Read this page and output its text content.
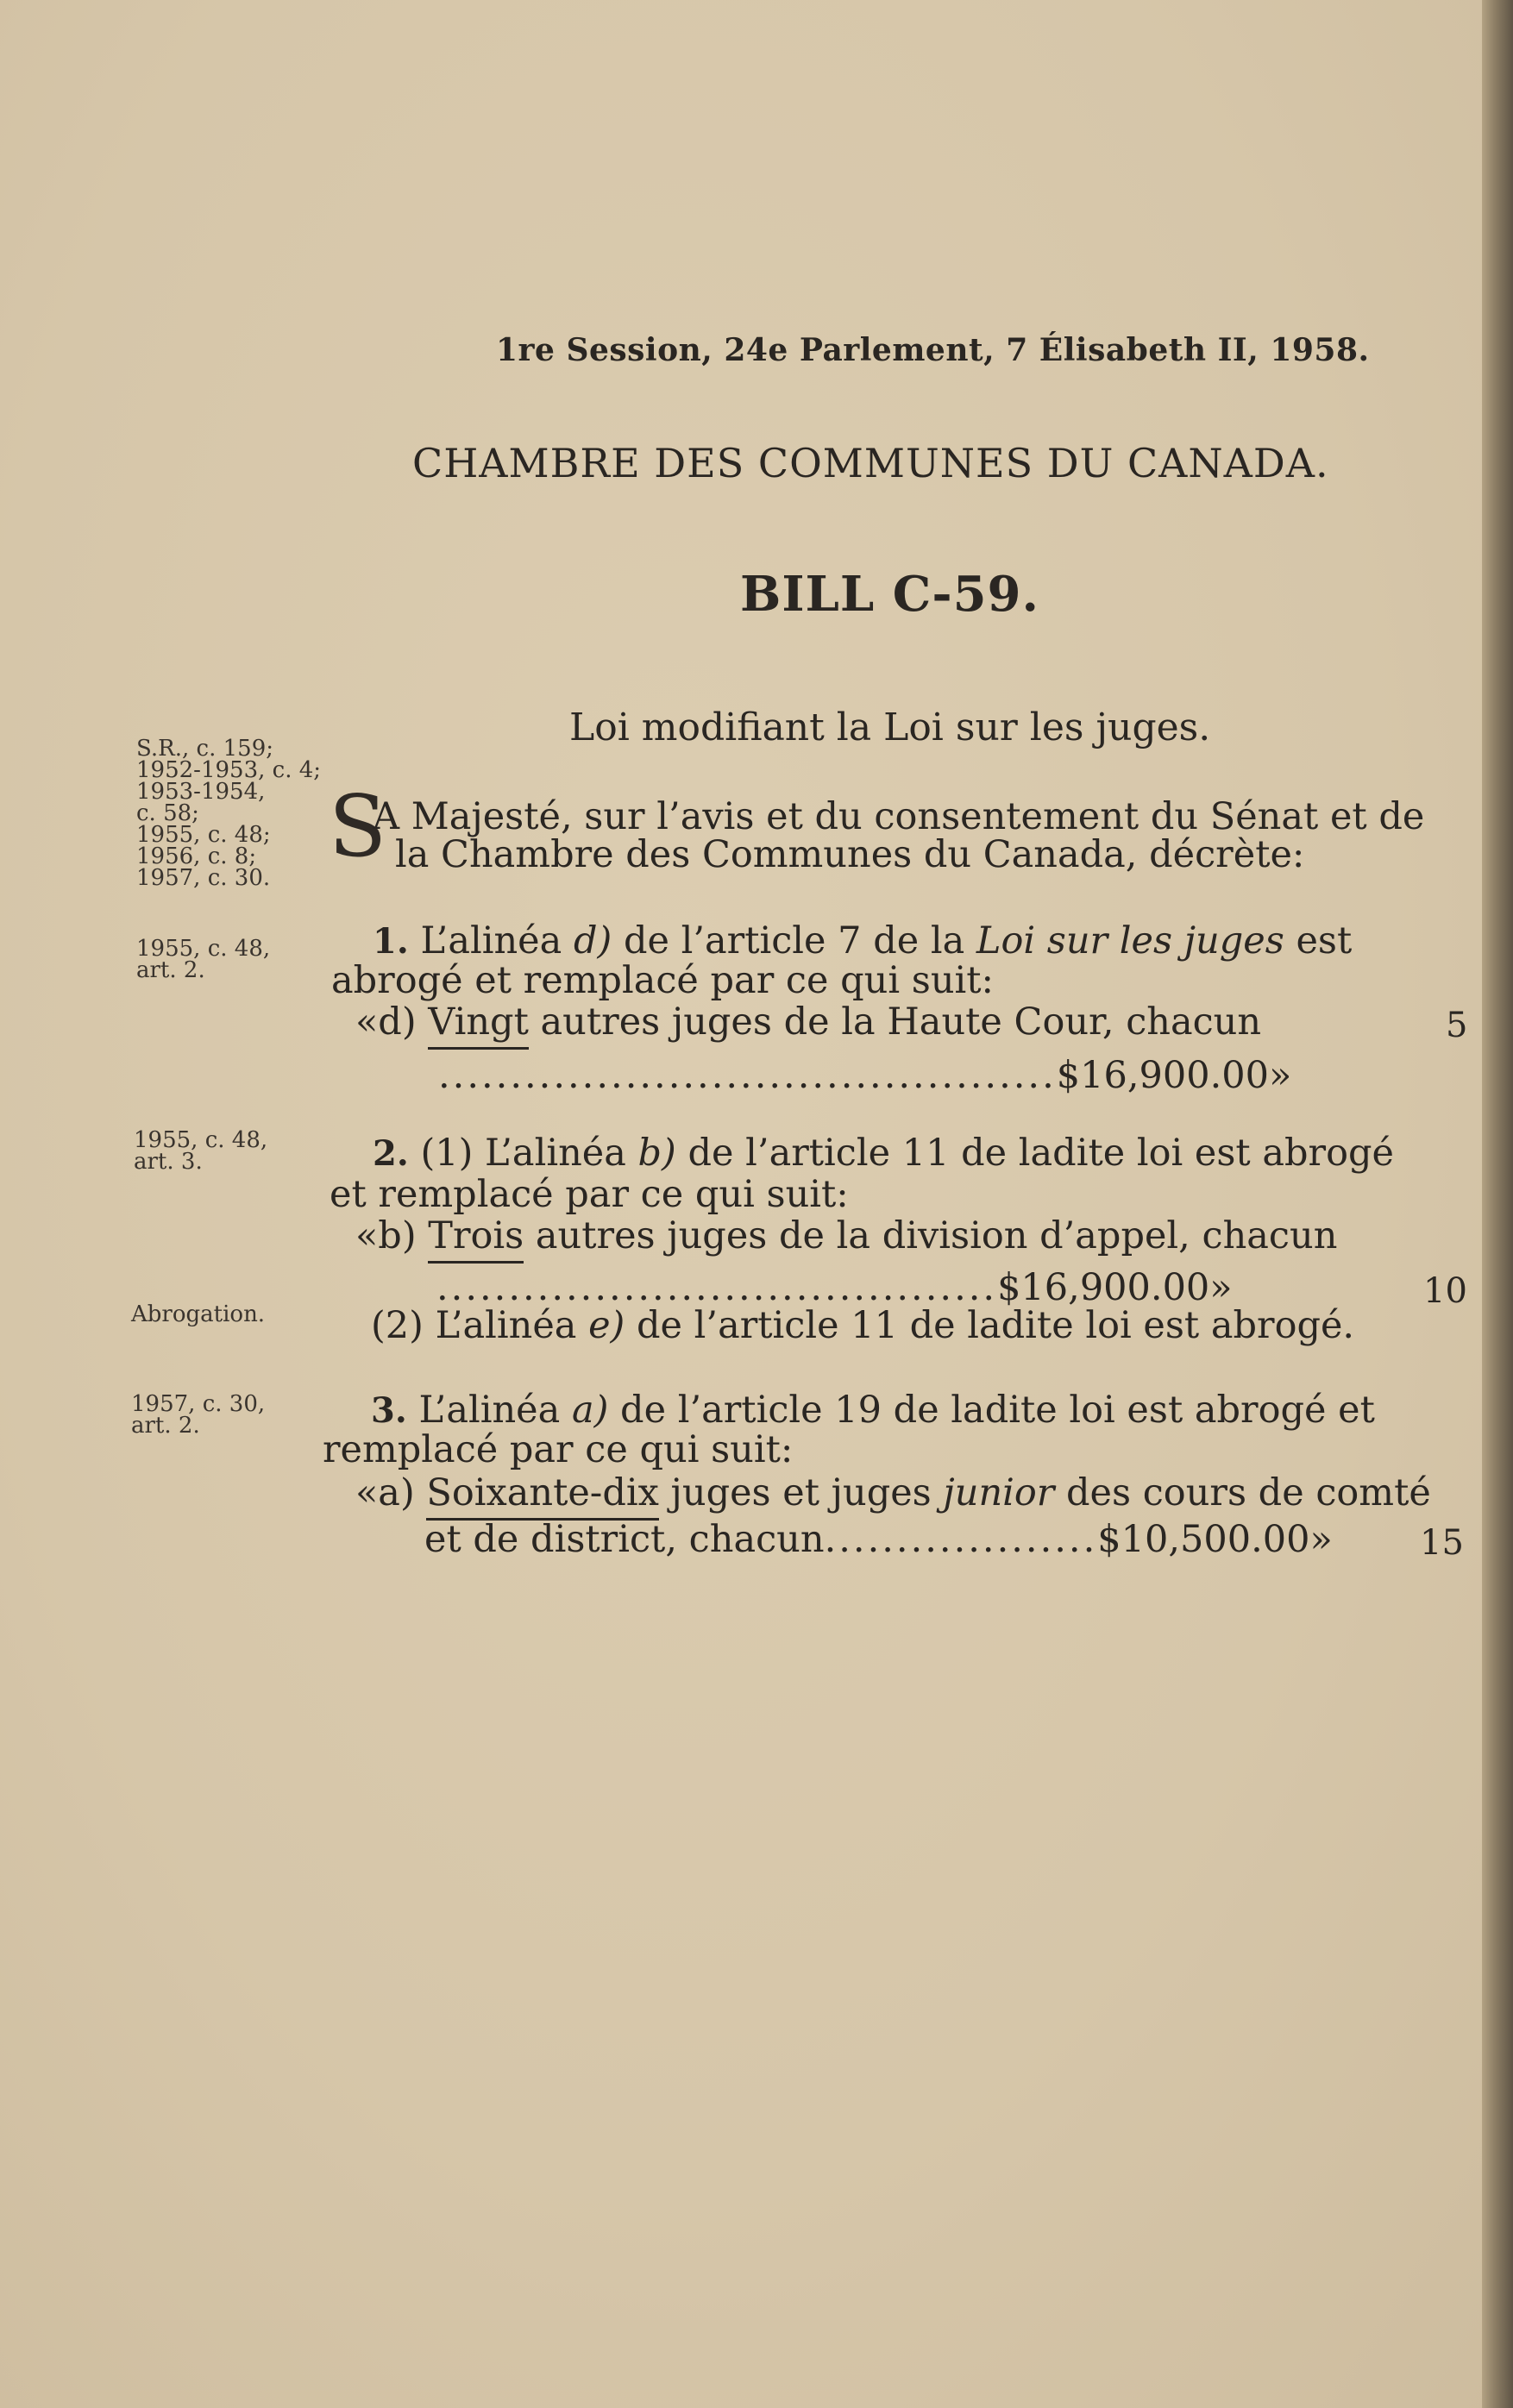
1re Session, 24e Parlement, 7 Élisabeth II, 1958.
CHAMBRE DES COMMUNES DU CANADA.
BILL C-59.
Loi modifiant la Loi sur les juges.
S.R., c. 159;
1952-1953, c. 4;
1953-1954,
c. 58;
1955, c. 48;
1956, c. 8;
1957, c. 30.
1955, c. 48,
art. 2.
1955, c. 48,
art. 3.
Abrogation.
1957, c. 30,
art. 2.
S
A Majesté, sur l’avis et du consentement du Sénat et de
la Chambre des Communes du Canada, décrète:
1. L’alinéa d) de l’article 7 de la Loi sur les juges est
abrogé et remplacé par ce qui suit:
«d) Vingt autres juges de la Haute Cour, chacun
...........................................$16,900.00»
5
2. (1) L’alinéa b) de l’article 11 de ladite loi est abrogé
et remplacé par ce qui suit:
«b) Trois autres juges de la division d’appel, chacun
.......................................$16,900.00»	10
(2) L’alinéa e) de l’article 11 de ladite loi est abrogé.
3. L’alinéa a) de l’article 19 de ladite loi est abrogé et
remplacé par ce qui suit:
«a) Soixante-dix juges et juges junior des cours de comté
et de district, chacun...................$10,500.00»	15
